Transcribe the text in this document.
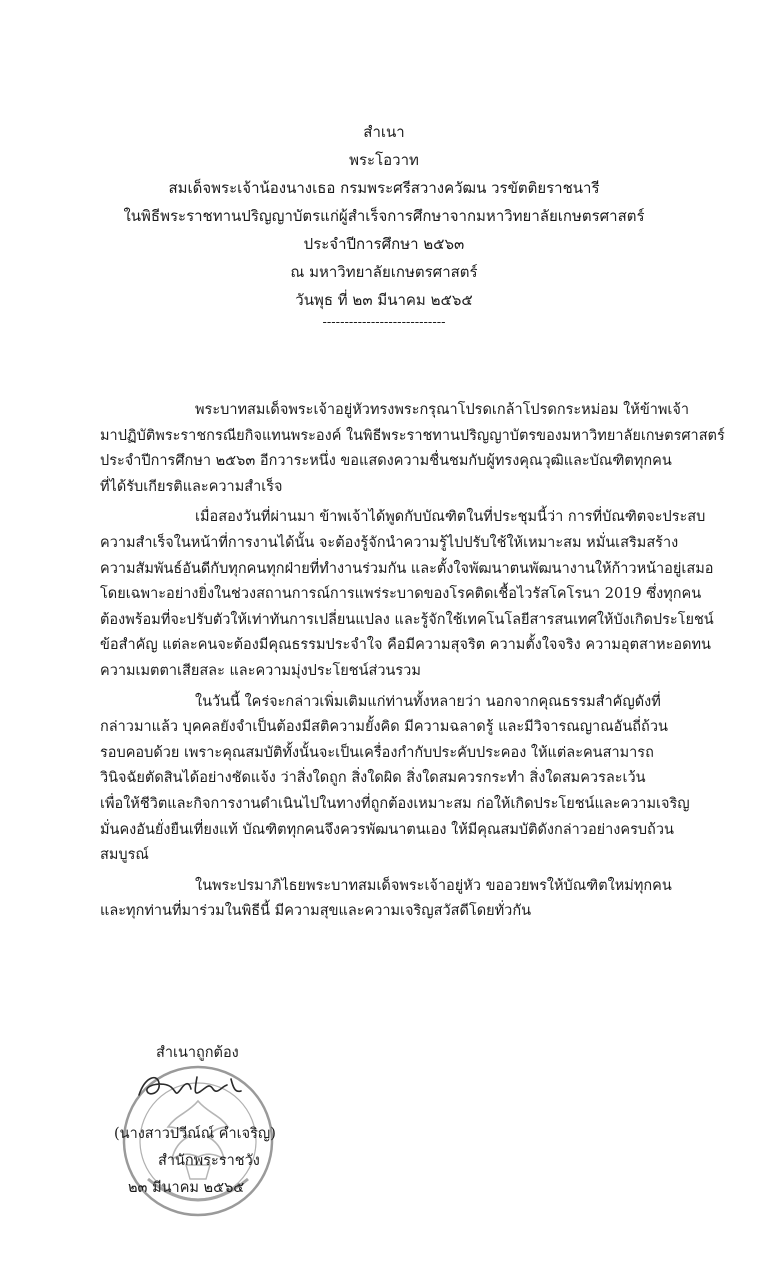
สำเนา
พระโอวาท
สมเด็จพระเจ้าน้องนางเธอ กรมพระศรีสวางควัฒน วรขัตติยราชนารี
ในพิธีพระราชทานปริญญาบัตรแก่ผู้สำเร็จการศึกษาจากมหาวิทยาลัยเกษตรศาสตร์
ประจำปีการศึกษา ๒๕๖๓
ณ มหาวิทยาลัยเกษตรศาสตร์
วันพุธ ที่ ๒๓ มีนาคม ๒๕๖๕
----------------------------
พระบาทสมเด็จพระเจ้าอยู่หัวทรงพระกรุณาโปรดเกล้าโปรดกระหม่อม ให้ข้าพเจ้า
มาปฏิบัติพระราชกรณียกิจแทนพระองค์ ในพิธีพระราชทานปริญญาบัตรของมหาวิทยาลัยเกษตรศาสตร์
ประจำปีการศึกษา ๒๕๖๓ อีกวาระหนึ่ง ขอแสดงความชื่นชมกับผู้ทรงคุณวุฒิและบัณฑิตทุกคน
ที่ได้รับเกียรติและความสำเร็จ
เมื่อสองวันที่ผ่านมา ข้าพเจ้าได้พูดกับบัณฑิตในที่ประชุมนี้ว่า การที่บัณฑิตจะประสบ
ความสำเร็จในหน้าที่การงานได้นั้น จะต้องรู้จักนำความรู้ไปปรับใช้ให้เหมาะสม หมั่นเสริมสร้าง
ความสัมพันธ์อันดีกับทุกคนทุกฝ่ายที่ทำงานร่วมกัน และตั้งใจพัฒนาตนพัฒนางานให้ก้าวหน้าอยู่เสมอ
โดยเฉพาะอย่างยิ่งในช่วงสถานการณ์การแพร่ระบาดของโรคติดเชื้อไวรัสโคโรนา 2019 ซึ่งทุกคน
ต้องพร้อมที่จะปรับตัวให้เท่าทันการเปลี่ยนแปลง และรู้จักใช้เทคโนโลยีสารสนเทศให้บังเกิดประโยชน์
ข้อสำคัญ แต่ละคนจะต้องมีคุณธรรมประจำใจ คือมีความสุจริต ความตั้งใจจริง ความอุตสาหะอดทน
ความเมตตาเสียสละ และความมุ่งประโยชน์ส่วนรวม
ในวันนี้ ใคร่จะกล่าวเพิ่มเติมแก่ท่านทั้งหลายว่า นอกจากคุณธรรมสำคัญดังที่
กล่าวมาแล้ว บุคคลยังจำเป็นต้องมีสติความยั้งคิด มีความฉลาดรู้ และมีวิจารณญาณอันถี่ถ้วน
รอบคอบด้วย เพราะคุณสมบัติทั้งนั้นจะเป็นเครื่องกำกับประคับประคอง ให้แต่ละคนสามารถ
วินิจฉัยตัดสินได้อย่างชัดแจ้ง ว่าสิ่งใดถูก สิ่งใดผิด สิ่งใดสมควรกระทำ สิ่งใดสมควรละเว้น
เพื่อให้ชีวิตและกิจการงานดำเนินไปในทางที่ถูกต้องเหมาะสม ก่อให้เกิดประโยชน์และความเจริญ
มั่นคงอันยั่งยืนเที่ยงแท้ บัณฑิตทุกคนจึงควรพัฒนาตนเอง ให้มีคุณสมบัติดังกล่าวอย่างครบถ้วน
สมบูรณ์
ในพระปรมาภิไธยพระบาทสมเด็จพระเจ้าอยู่หัว ขออวยพรให้บัณฑิตใหม่ทุกคน
และทุกท่านที่มาร่วมในพิธีนี้ มีความสุขและความเจริญสวัสดีโดยทั่วกัน
สำเนาถูกต้อง
(นางสาวปวีณ์ณ์ คำเจริญ)
สำนักพระราชวัง
๒๓ มีนาคม ๒๕๖๕
